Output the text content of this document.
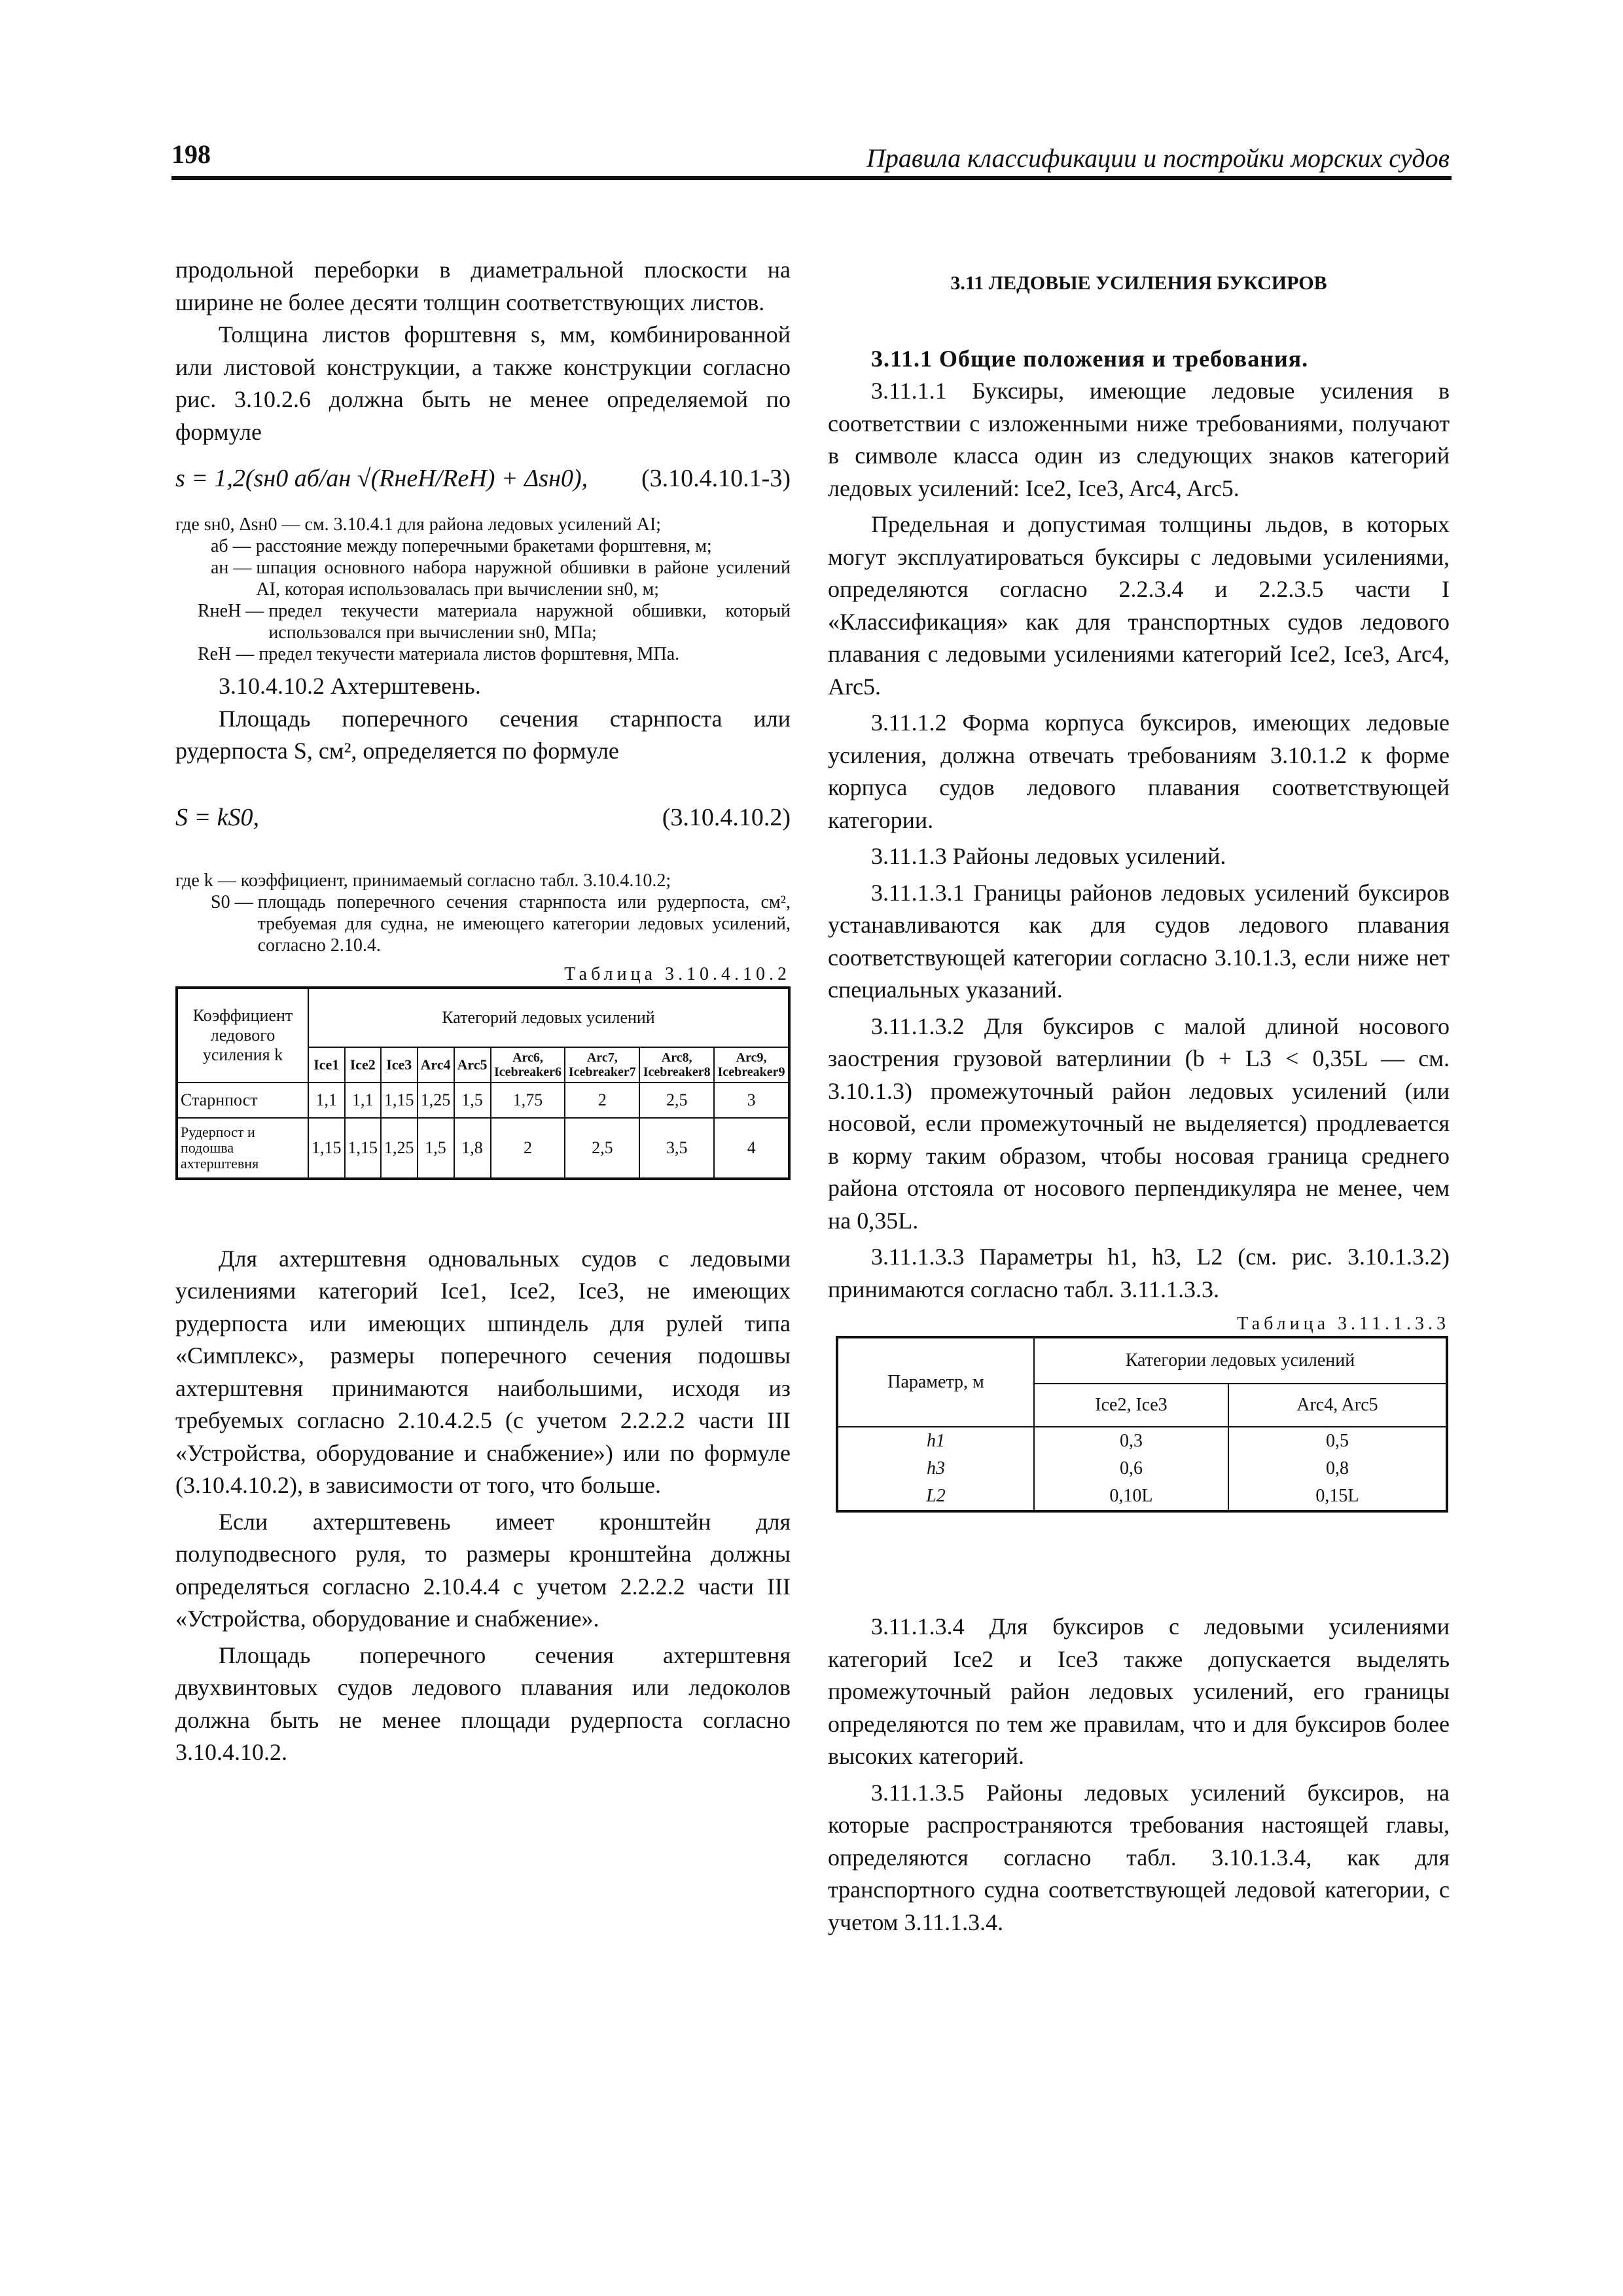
198	Правила классификации и постройки морских судов

продольной переборки в диаметральной плоскости на ширине не более десяти толщин соответствующих листов.

Толщина листов форштевня s, мм, комбинированной или листовой конструкции, а также конструкции согласно рис. 3.10.2.6 должна быть не менее определяемой по формуле

s = 1,2(sн0 aб/aн √(RнeH/ReH) + Δsн0), (3.10.4.10.1-3)
где sн0, Δsн0 —
см. 3.10.4.1 для района ледовых усилений AI;
aб —
расстояние между поперечными бракетами форштевня, м;
aн —
шпация основного набора наружной обшивки в районе усилений AI, которая использовалась при вычислении sн0, м;
RнeH —
предел текучести материала наружной обшивки, который использовался при вычислении sн0, МПа;
ReH —
предел текучести материала листов форштевня, МПа.

3.10.4.10.2 Ахтерштевень.

Площадь поперечного сечения старнпоста или рудерпоста S, см², определяется по формуле

S = kS0,	(3.10.4.10.2)
где k —
коэффициент, принимаемый согласно табл. 3.10.4.10.2;
S0 —
площадь поперечного сечения старнпоста или рудерпоста, см², требуемая для судна, не имеющего категории ледовых усилений, согласно 2.10.4.
Таблица 3.10.4.10.2
Коэффициент ледового усиления k	Категорий ледовых усилений								
	Ice1	Ice2	Ice3	Arc4	Arc5	Arc6, Icebreaker6	Arc7, Icebreaker7	Arc8, Icebreaker8	Arc9, Icebreaker9
Старнпост	1,1	1,1	1,15	1,25	1,5	1,75	2	2,5	3
Рудерпост и подошва ахтерштевня	1,15	1,15	1,25	1,5	1,8	2	2,5	3,5	4

Для ахтерштевня одновальных судов с ледовыми усилениями категорий Ice1, Ice2, Ice3, не имеющих рудерпоста или имеющих шпиндель для рулей типа «Симплекс», размеры поперечного сечения подошвы ахтерштевня принимаются наибольшими, исходя из требуемых согласно 2.10.4.2.5 (с учетом 2.2.2.2 части III «Устройства, оборудование и снабжение») или по формуле (3.10.4.10.2), в зависимости от того, что больше.

Если ахтерштевень имеет кронштейн для полуподвесного руля, то размеры кронштейна должны определяться согласно 2.10.4.4 с учетом 2.2.2.2 части III «Устройства, оборудование и снабжение».

Площадь поперечного сечения ахтерштевня двухвинтовых судов ледового плавания или ледоколов должна быть не менее площади рудерпоста согласно 3.10.4.10.2.

3.11 ЛЕДОВЫЕ УСИЛЕНИЯ БУКСИРОВ

3.11.1 Общие положения и требования.

3.11.1.1 Буксиры, имеющие ледовые усиления в соответствии с изложенными ниже требованиями, получают в символе класса один из следующих знаков категорий ледовых усилений: Ice2, Ice3, Arc4, Arc5.

Предельная и допустимая толщины льдов, в которых могут эксплуатироваться буксиры с ледовыми усилениями, определяются согласно 2.2.3.4 и 2.2.3.5 части I «Классификация» как для транспортных судов ледового плавания с ледовыми усилениями категорий Ice2, Ice3, Arc4, Arc5.

3.11.1.2 Форма корпуса буксиров, имеющих ледовые усиления, должна отвечать требованиям 3.10.1.2 к форме корпуса судов ледового плавания соответствующей категории.

3.11.1.3 Районы ледовых усилений.

3.11.1.3.1 Границы районов ледовых усилений буксиров устанавливаются как для судов ледового плавания соответствующей категории согласно 3.10.1.3, если ниже нет специальных указаний.

3.11.1.3.2 Для буксиров с малой длиной носового заострения грузовой ватерлинии (b + L3 < 0,35L — см. 3.10.1.3) промежуточный район ледовых усилений (или носовой, если промежуточный не выделяется) продлевается в корму таким образом, чтобы носовая граница среднего района отстояла от носового перпендикуляра не менее, чем на 0,35L.

3.11.1.3.3 Параметры h1, h3, L2 (см. рис. 3.10.1.3.2) принимаются согласно табл. 3.11.1.3.3.

Таблица 3.11.1.3.3
Параметр, м	Категории ледовых усилений	
	Ice2, Ice3	Arc4, Arc5
h1	0,3	0,5
h3	0,6	0,8
L2	0,10L	0,15L

3.11.1.3.4 Для буксиров с ледовыми усилениями категорий Ice2 и Ice3 также допускается выделять промежуточный район ледовых усилений, его границы определяются по тем же правилам, что и для буксиров более высоких категорий.

3.11.1.3.5 Районы ледовых усилений буксиров, на которые распространяются требования настоящей главы, определяются согласно табл. 3.10.1.3.4, как для транспортного судна соответствующей ледовой категории, с учетом 3.11.1.3.4.
